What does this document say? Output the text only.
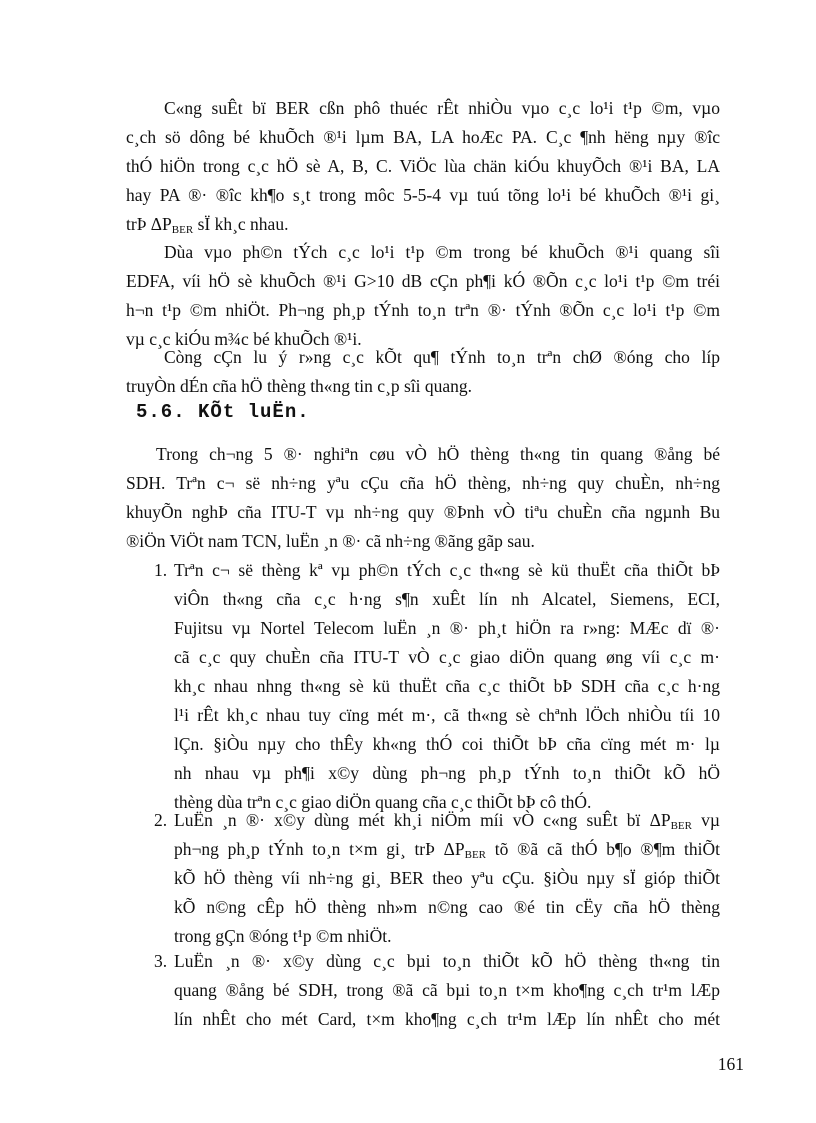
C«ng suÊt bï BER cßn phô thuéc rÊt nhiÒu vµo c¸c lo¹i t¹p ©m, vµo
c¸ch sö dông bé khuÕch ®¹i lµm BA, LA hoÆc PA. C¸c ¶nh hëng nµy ®îc
thÓ hiÖn trong c¸c hÖ sè A, B, C. ViÖc lùa chän kiÓu khuyÕch ®¹i BA, LA
hay PA ®· ®îc kh¶o s¸t trong môc 5-5-4 vµ tuú tõng lo¹i bé khuÕch ®¹i gi¸
trÞ $\Delta P_{BER}$ sÏ kh¸c nhau.
Dùa vµo ph©n tÝch c¸c lo¹i t¹p ©m trong bé khuÕch ®¹i quang sîi
EDFA, víi hÖ sè khuÕch ®¹i G>10 dB cÇn ph¶i kÓ ®Õn c¸c lo¹i t¹p ©m tréi
h¬n t¹p ©m nhiÖt. Ph¬ng ph¸p tÝnh to¸n trªn ®· tÝnh ®Õn c¸c lo¹i t¹p ©m
vµ c¸c kiÓu m¾c bé khuÕch ®¹i.
Còng cÇn lu ý r»ng c¸c kÕt qu¶ tÝnh to¸n trªn chØ ®óng cho líp
truyÒn dÉn cña hÖ thèng th«ng tin c¸p sîi quang.
5.6. KÕt luËn.
Trong ch¬ng 5 ®· nghiªn cøu vÒ hÖ thèng th«ng tin quang ®ång bé
SDH. Trªn c¬ së nh÷ng yªu cÇu cña hÖ thèng, nh÷ng quy chuÈn, nh÷ng
khuyÕn nghÞ cña ITU-T vµ nh÷ng quy ®Þnh vÒ tiªu chuÈn cña ngµnh Bu
®iÖn ViÖt nam TCN, luËn ¸n ®· cã nh÷ng ®ãng gãp sau.
1. Trªn c¬ së thèng kª vµ ph©n tÝch c¸c th«ng sè kü thuËt cña thiÕt bÞ
viÔn th«ng cña c¸c h·ng s¶n xuÊt lín nh Alcatel, Siemens, ECI,
Fujitsu vµ Nortel Telecom luËn ¸n ®· ph¸t hiÖn ra r»ng: MÆc dï ®·
cã c¸c quy chuÈn cña ITU-T vÒ c¸c giao diÖn quang øng víi c¸c m·
kh¸c nhau nhng th«ng sè kü thuËt cña c¸c thiÕt bÞ SDH cña c¸c h·ng
l¹i rÊt kh¸c nhau tuy cïng mét m·, cã th«ng sè chªnh lÖch nhiÒu tíi 10
lÇn. §iÒu nµy cho thÊy kh«ng thÓ coi thiÕt bÞ cña cïng mét m· lµ
nh nhau vµ ph¶i x©y dùng ph¬ng ph¸p tÝnh to¸n thiÕt kÕ hÖ
thèng dùa trªn c¸c giao diÖn quang cña c¸c thiÕt bÞ cô thÓ.
2. LuËn ¸n ®· x©y dùng mét kh¸i niÖm míi vÒ c«ng suÊt bï $\Delta P_{BER}$ vµ
ph¬ng ph¸p tÝnh to¸n t×m gi¸ trÞ $\Delta P_{BER}$ tõ ®ã cã thÓ b¶o ®¶m thiÕt
kÕ hÖ thèng víi nh÷ng gi¸ BER theo yªu cÇu. §iÒu nµy sÏ gióp thiÕt
kÕ n©ng cÊp hÖ thèng nh»m n©ng cao ®é tin cËy cña hÖ thèng
trong gÇn ®óng t¹p ©m nhiÖt.
3. LuËn ¸n ®· x©y dùng c¸c bµi to¸n thiÕt kÕ hÖ thèng th«ng tin
quang ®ång bé SDH, trong ®ã cã bµi to¸n t×m kho¶ng c¸ch tr¹m lÆp
lín nhÊt cho mét Card, t×m kho¶ng c¸ch tr¹m lÆp lín nhÊt cho mét
161
